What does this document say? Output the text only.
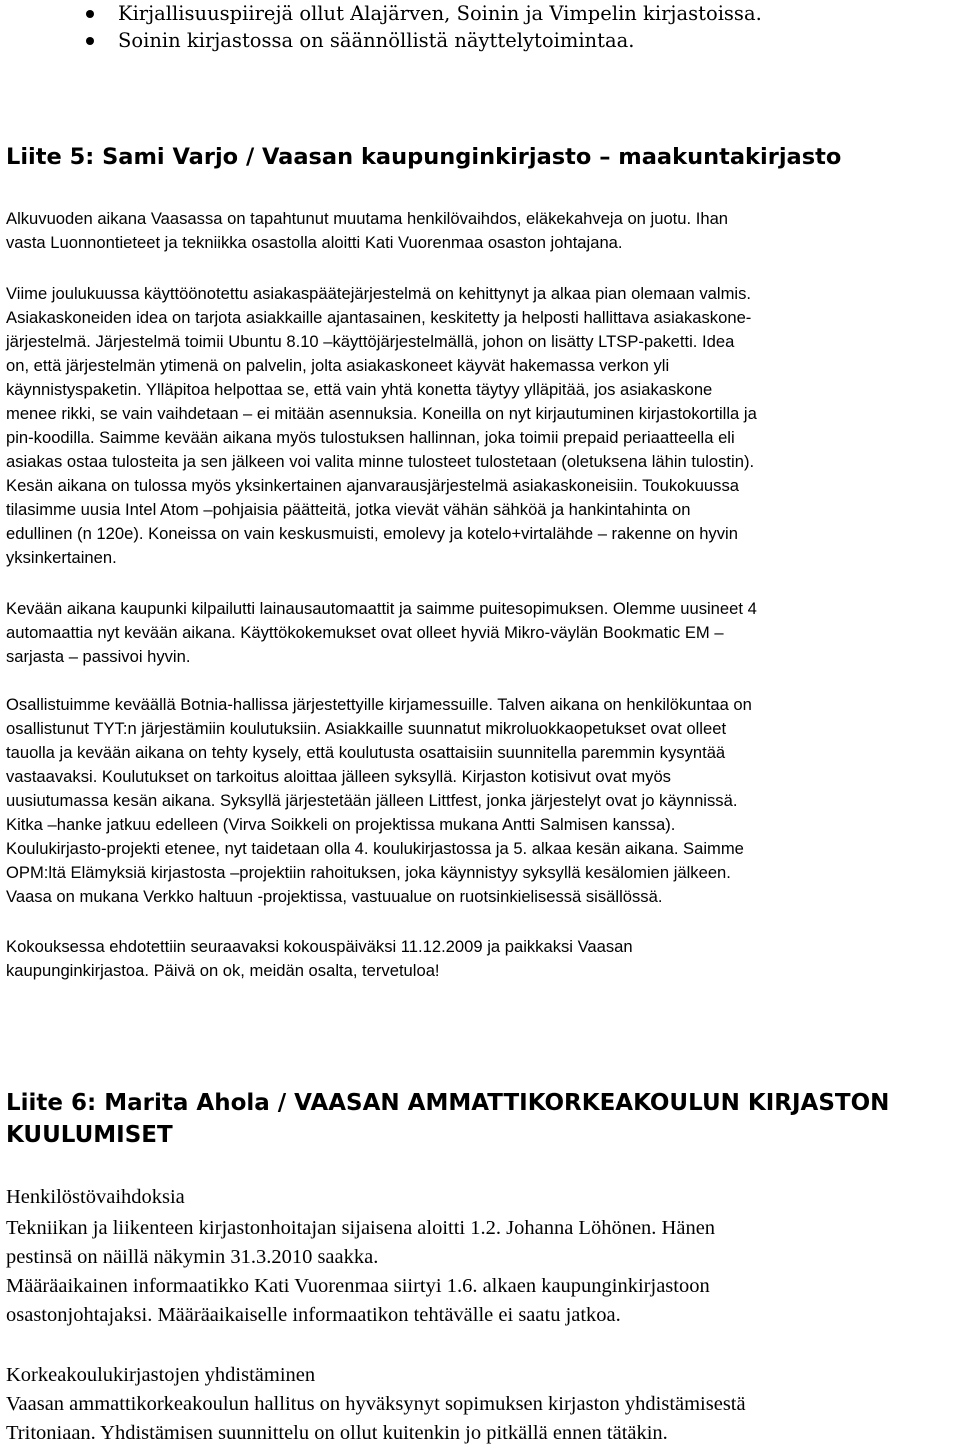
Kirjallisuuspiirejä ollut Alajärven, Soinin ja Vimpelin kirjastoissa.
Soinin kirjastossa on säännöllistä näyttelytoimintaa.
Liite 5: Sami Varjo / Vaasan kaupunginkirjasto – maakuntakirjasto
Alkuvuoden aikana Vaasassa on tapahtunut muutama henkilövaihdos, eläkekahveja on juotu. Ihan
vasta Luonnontieteet ja tekniikka osastolla aloitti Kati Vuorenmaa osaston johtajana.
Viime joulukuussa käyttöönotettu asiakaspäätejärjestelmä on kehittynyt ja alkaa pian olemaan valmis.
Asiakaskoneiden idea on tarjota asiakkaille ajantasainen, keskitetty ja helposti hallittava asiakaskone-
järjestelmä. Järjestelmä toimii Ubuntu 8.10 –käyttöjärjestelmällä, johon on lisätty LTSP-paketti. Idea
on, että järjestelmän ytimenä on palvelin, jolta asiakaskoneet käyvät hakemassa verkon yli
käynnistyspaketin. Ylläpitoa helpottaa se, että vain yhtä konetta täytyy ylläpitää, jos asiakaskone
menee rikki, se vain vaihdetaan – ei mitään asennuksia. Koneilla on nyt kirjautuminen kirjastokortilla ja
pin-koodilla. Saimme kevään aikana myös tulostuksen hallinnan, joka toimii prepaid periaatteella eli
asiakas ostaa tulosteita ja sen jälkeen voi valita minne tulosteet tulostetaan (oletuksena lähin tulostin).
Kesän aikana on tulossa myös yksinkertainen ajanvarausjärjestelmä asiakaskoneisiin. Toukokuussa
tilasimme uusia Intel Atom –pohjaisia päätteitä, jotka vievät vähän sähköä ja hankintahinta on
edullinen (n 120e). Koneissa on vain keskusmuisti, emolevy ja kotelo+virtalähde – rakenne on hyvin
yksinkertainen.
Kevään aikana kaupunki kilpailutti lainausautomaattit ja saimme puitesopimuksen. Olemme uusineet 4
automaattia nyt kevään aikana. Käyttökokemukset ovat olleet hyviä Mikro-väylän Bookmatic EM –
sarjasta – passivoi hyvin.
Osallistuimme keväällä Botnia-hallissa järjestettyille kirjamessuille. Talven aikana on henkilökuntaa on
osallistunut TYT:n järjestämiin koulutuksiin. Asiakkaille suunnatut mikroluokkaopetukset ovat olleet
tauolla ja kevään aikana on tehty kysely, että koulutusta osattaisiin suunnitella paremmin kysyntää
vastaavaksi. Koulutukset on tarkoitus aloittaa jälleen syksyllä. Kirjaston kotisivut ovat myös
uusiutumassa kesän aikana. Syksyllä järjestetään jälleen Littfest, jonka järjestelyt ovat jo käynnissä.
Kitka –hanke jatkuu edelleen (Virva Soikkeli on projektissa mukana Antti Salmisen kanssa).
Koulukirjasto-projekti etenee, nyt taidetaan olla 4. koulukirjastossa ja 5. alkaa kesän aikana. Saimme
OPM:ltä Elämyksiä kirjastosta –projektiin rahoituksen, joka käynnistyy syksyllä kesälomien jälkeen.
Vaasa on mukana Verkko haltuun -projektissa, vastuualue on ruotsinkielisessä sisällössä.
Kokouksessa ehdotettiin seuraavaksi kokouspäiväksi 11.12.2009 ja paikkaksi Vaasan
kaupunginkirjastoa. Päivä on ok, meidän osalta, tervetuloa!
Liite 6: Marita Ahola / VAASAN AMMATTIKORKEAKOULUN KIRJASTON KUULUMISET
Henkilöstövaihdoksia
Tekniikan ja liikenteen kirjastonhoitajan sijaisena aloitti 1.2. Johanna Löhönen. Hänen
pestinsä on näillä näkymin 31.3.2010 saakka.
Määräaikainen informaatikko Kati Vuorenmaa siirtyi 1.6. alkaen kaupunginkirjastoon
osastonjohtajaksi. Määräaikaiselle informaatikon tehtävälle ei saatu jatkoa.
Korkeakoulukirjastojen yhdistäminen
Vaasan ammattikorkeakoulun hallitus on hyväksynyt sopimuksen kirjaston yhdistämisestä
Tritoniaan. Yhdistämisen suunnittelu on ollut kuitenkin jo pitkällä ennen tätäkin.
